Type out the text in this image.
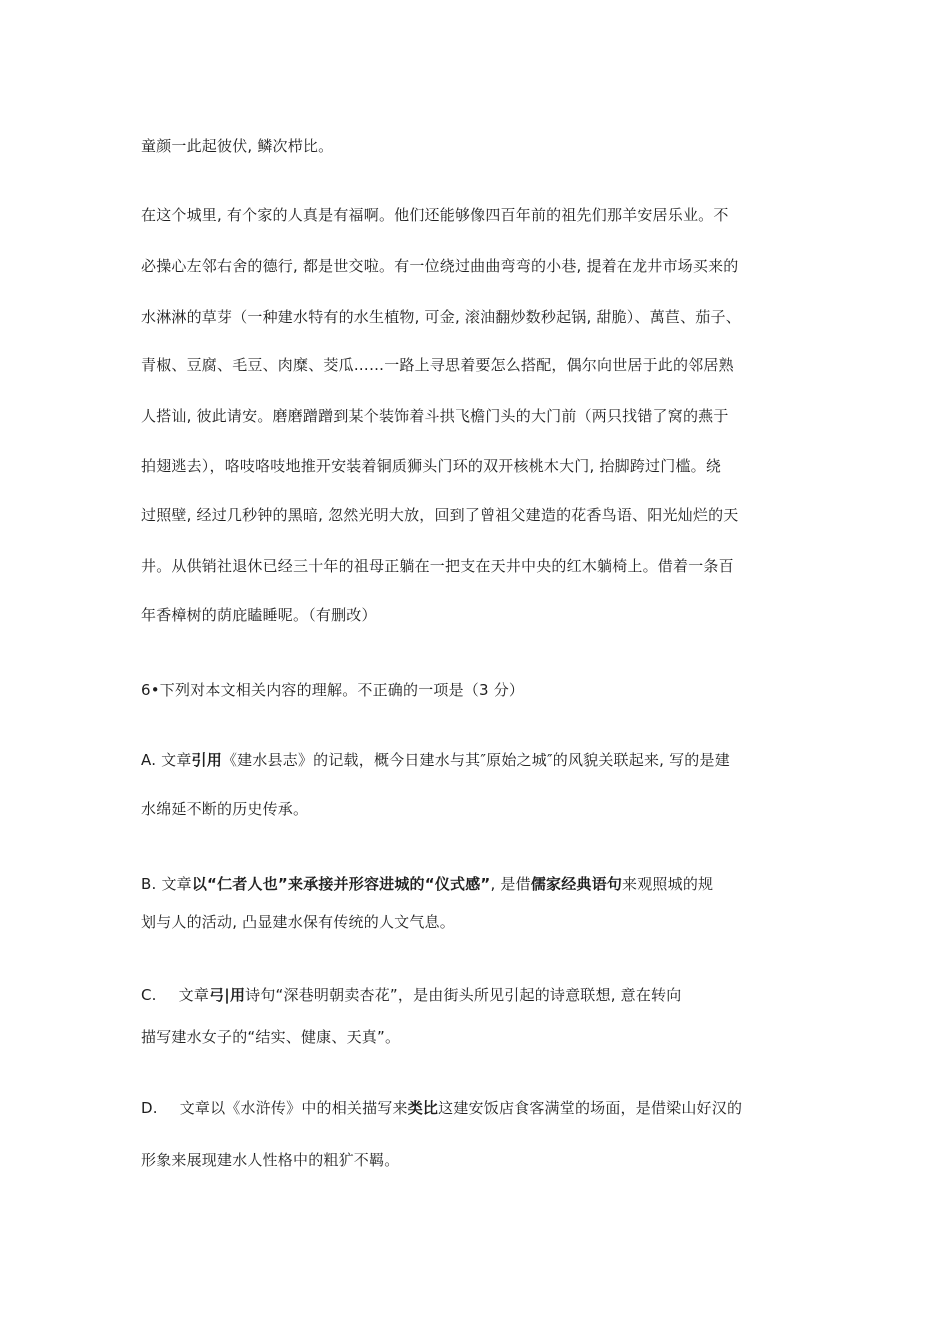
童颜一此起彼伏, 鳞次栉比。
在这个城里, 有个家的人真是有福啊。他们还能够像四百年前的祖先们那羊安居乐业。不
必操心左邻右舍的德行, 都是世交啦。有一位绕过曲曲弯弯的小巷, 提着在龙井市场买来的
水淋淋的草芽（一种建水特有的水生植物, 可金, 滚油翻炒数秒起锅, 甜脆）、萬苣、茄子、
青椒、豆腐、毛豆、肉糜、茭瓜……一路上寻思着要怎么搭配，偶尔向世居于此的邻居熟
人搭讪, 彼此请安。磨磨蹭蹭到某个装饰着斗拱飞檐门头的大门前（两只找错了窝的燕于
拍翅逃去），咯吱咯吱地推开安装着铜质狮头门环的双开核桃木大门, 抬脚跨过门槛。绕
过照壁, 经过几秒钟的黑暗, 忽然光明大放，回到了曾祖父建造的花香鸟语、阳光灿烂的天
井。从供销社退休已经三十年的祖母正躺在一把支在天井中央的红木躺椅上。借着一条百
年香樟树的荫庇瞌睡呢。（有删改）
6•下列对本文相关内容的理解。不正确的一项是（3 分）
A. 文章引用《建水县志》的记载，概今日建水与其″原始之城″的风貌关联起来, 写的是建
水绵延不断的历史传承。
B. 文章以“仁者人也”来承接并形容进城的“仪式感”, 是借儒家经典语句来观照城的规
划与人的活动, 凸显建水保有传统的人文气息。
C. 文章弓|用诗句“深巷明朝卖杏花”，是由街头所见引起的诗意联想, 意在转向
描写建水女子的“结实、健康、天真”。
D. 文章以《水浒传》中的相关描写来类比这建安饭店食客满堂的场面，是借梁山好汉的
形象来展现建水人性格中的粗犷不羁。
